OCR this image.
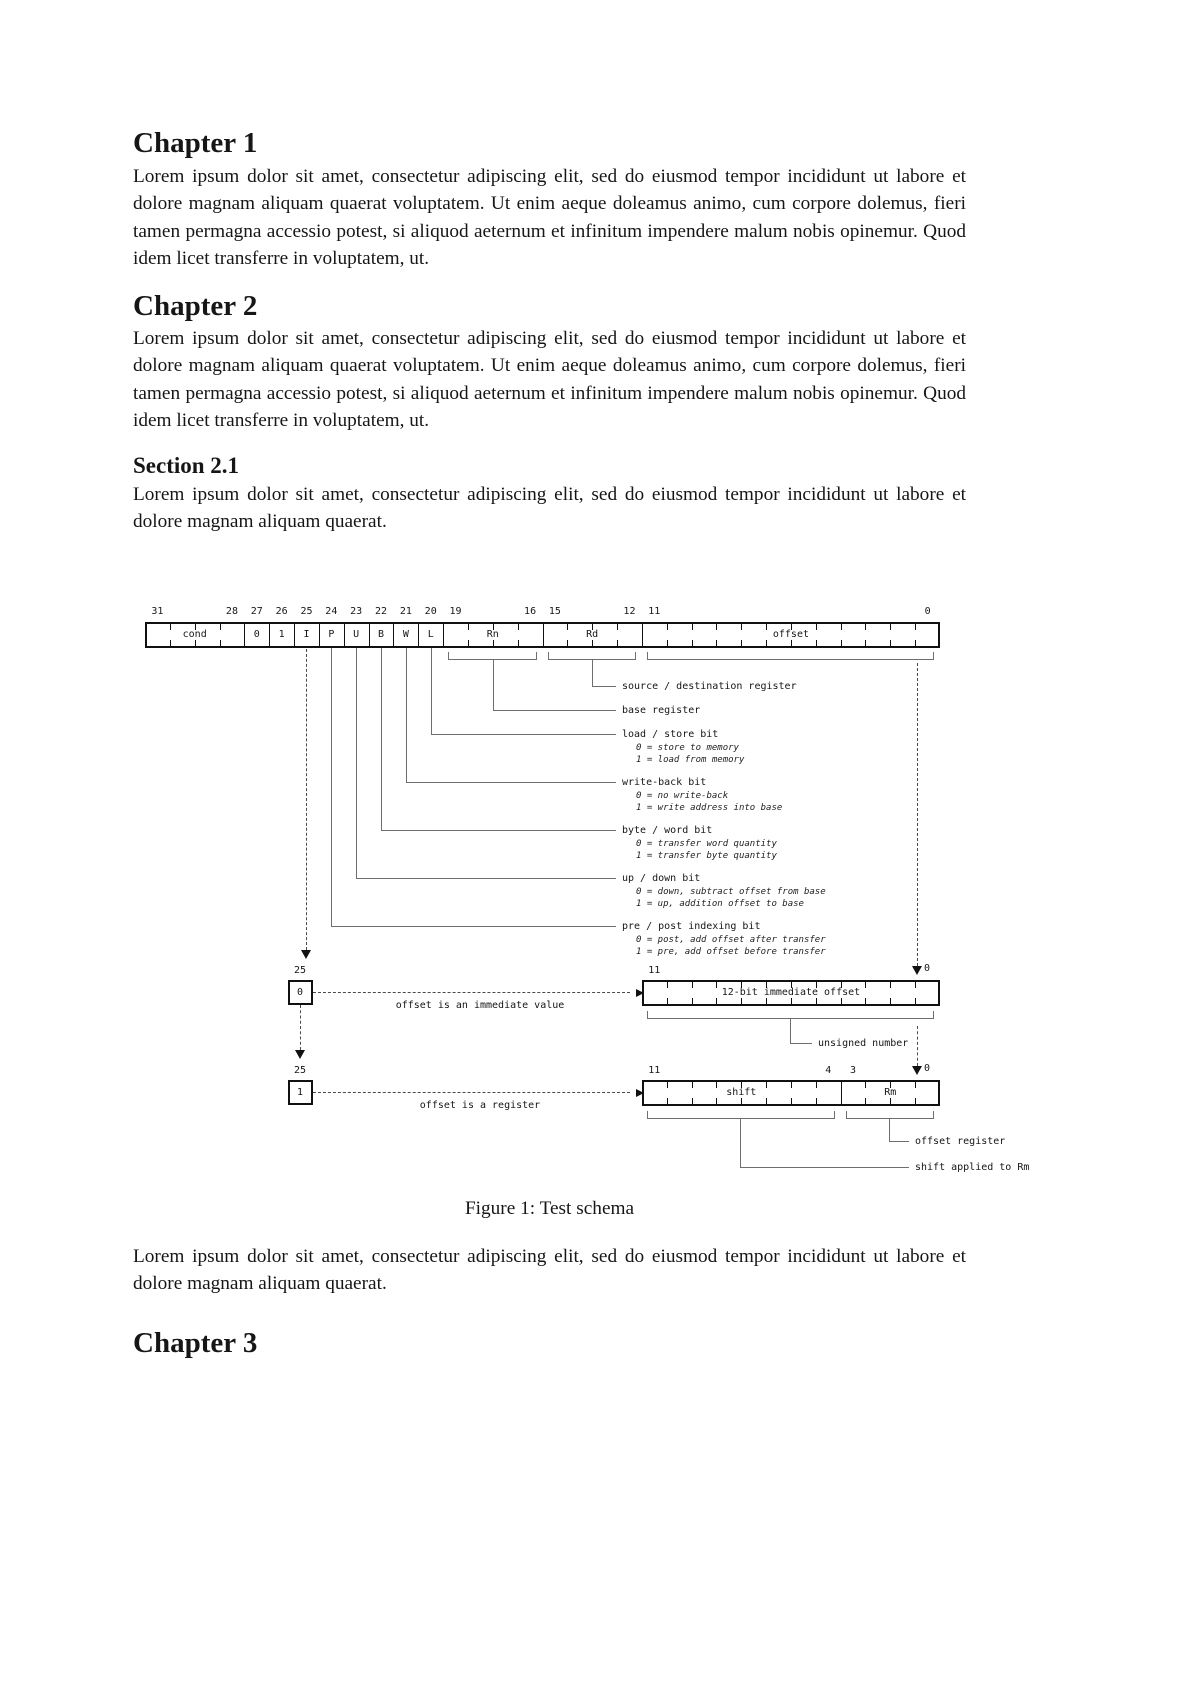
Chapter 1

Lorem ipsum dolor sit amet, consectetur adipiscing elit, sed do eiusmod tempor incididunt ut labore et dolore magnam aliquam quaerat voluptatem. Ut enim aeque doleamus animo, cum corpore dolemus, fieri tamen permagna accessio potest, si aliquod aeternum et infinitum impendere malum nobis opinemur. Quod idem licet transferre in voluptatem, ut.

Chapter 2

Lorem ipsum dolor sit amet, consectetur adipiscing elit, sed do eiusmod tempor incididunt ut labore et dolore magnam aliquam quaerat voluptatem. Ut enim aeque doleamus animo, cum corpore dolemus, fieri tamen permagna accessio potest, si aliquod aeternum et infinitum impendere malum nobis opinemur. Quod idem licet transferre in voluptatem, ut.

Section 2.1

Lorem ipsum dolor sit amet, consectetur adipiscing elit, sed do eiusmod tempor incididunt ut labore et dolore magnam aliquam quaerat.

31	28	27	26	25	24	23	22	21	20	19	16	15	12	11	0
cond	0	1	I	P	U	B	W	L	Rn	Rd	offset
source / destination register
base register
load / store bit
0 = store to memory
1 = load from memory
write-back bit
0 = no write-back
1 = write address into base
byte / word bit
0 = transfer word quantity
1 = transfer byte quantity
up / down bit
0 = down, subtract offset from base
1 = up, addition offset to base
pre / post indexing bit
0 = post, add offset after transfer
1 = pre, add offset before transfer
25
0
offset is an immediate value
12-bit immediate offset
11	0
unsigned number
25
1
offset is a register
shift	Rm
11	4	3	0
offset register
shift applied to Rm
Figure 1: Test schema

Lorem ipsum dolor sit amet, consectetur adipiscing elit, sed do eiusmod tempor incididunt ut labore et dolore magnam aliquam quaerat.

Chapter 3
